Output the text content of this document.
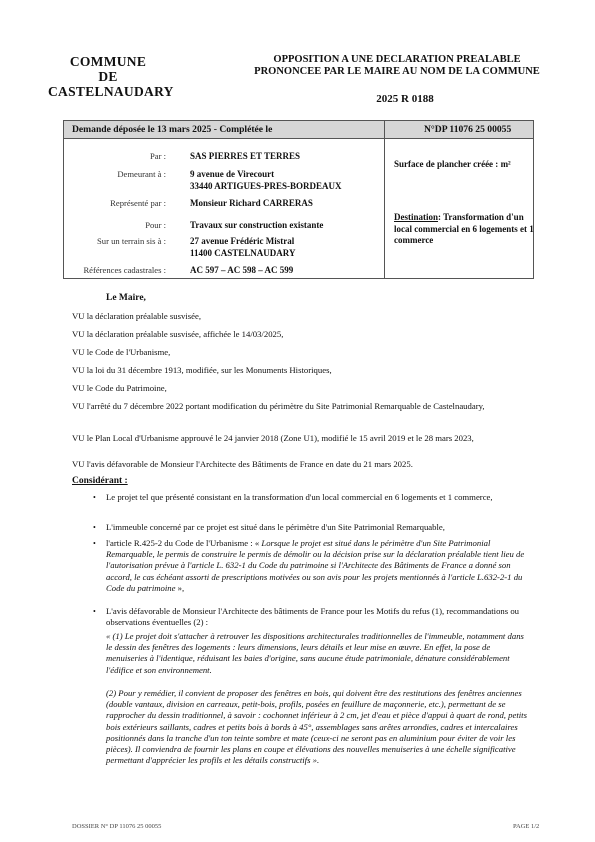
COMMUNE
DE
CASTELNAUDARY
OPPOSITION A UNE DECLARATION PREALABLE
PRONONCEE PAR LE MAIRE AU NOM DE LA COMMUNE
2025 R 0188
Demande déposée le 13 mars 2025 - Complétée le	N°DP 11076 25 00055
Par :	SAS PIERRES ET TERRES
Demeurant à :	9 avenue de Virecourt
33440 ARTIGUES-PRES-BORDEAUX
Représenté par :	Monsieur Richard CARRERAS
Pour :	Travaux sur construction existante
Sur un terrain sis à :	27 avenue Frédéric Mistral
11400 CASTELNAUDARY
Références cadastrales :	AC 597 – AC 598 – AC 599
Surface de plancher créée : m²
Destination: Transformation d'un local commercial en 6 logements et 1 commerce
Le Maire,
VU la déclaration préalable susvisée,
VU la déclaration préalable susvisée, affichée le 14/03/2025,
VU le Code de l'Urbanisme,
VU la loi du 31 décembre 1913, modifiée, sur les Monuments Historiques,
VU le Code du Patrimoine,
VU l'arrêté du 7 décembre 2022 portant modification du périmètre du Site Patrimonial Remarquable de Castelnaudary,
VU le Plan Local d'Urbanisme approuvé le 24 janvier 2018 (Zone U1), modifié le 15 avril 2019 et le 28 mars 2023,
VU l'avis défavorable de Monsieur l'Architecte des Bâtiments de France en date du 21 mars 2025.
Considérant :
• Le projet tel que présenté consistant en la transformation d'un local commercial en 6 logements et 1 commerce,
• L'immeuble concerné par ce projet est situé dans le périmètre d'un Site Patrimonial Remarquable,
• l'article R.425-2 du Code de l'Urbanisme : « Lorsque le projet est situé dans le périmètre d'un Site Patrimonial Remarquable, le permis de construire le permis de démolir ou la décision prise sur la déclaration préalable tient lieu de l'autorisation prévue à l'article L. 632-1 du Code du patrimoine si l'Architecte des Bâtiments de France a donné son accord, le cas échéant assorti de prescriptions motivées ou son avis pour les projets mentionnés à l'article L.632-2-1 du Code du patrimoine »,
• L'avis défavorable de Monsieur l'Architecte des bâtiments de France pour les Motifs du refus (1), recommandations ou observations éventuelles (2) :
« (1) Le projet doit s'attacher à retrouver les dispositions architecturales traditionnelles de l'immeuble, notamment dans le dessin des fenêtres des logements : leurs dimensions, leurs détails et leur mise en œuvre. En effet, la pose de menuiseries à l'identique, réduisant les baies d'origine, sans aucune étude patrimoniale, dénature considérablement l'édifice et son environnement.
(2) Pour y remédier, il convient de proposer des fenêtres en bois, qui doivent être des restitutions des fenêtres anciennes (double vantaux, division en carreaux, petit-bois, profils, posées en feuillure de maçonnerie, etc.), permettant de se rapprocher du dessin traditionnel, à savoir : cochonnet inférieur à 2 cm, jet d'eau et pièce d'appui à quart de rond, petits bois extérieurs saillants, cadres et petits bois à bords à 45°, assemblages sans arêtes arrondies, cadres et intercalaires positionnés dans la tranche d'un ton teinte sombre et mate (ceux-ci ne seront pas en aluminium pour éviter de voir les pièces). Il conviendra de fournir les plans en coupe et élévations des nouvelles menuiseries à une échelle significative permettant d'apprécier les profils et les détails constructifs ».
DOSSIER N° DP 11076 25 00055	PAGE 1/2
